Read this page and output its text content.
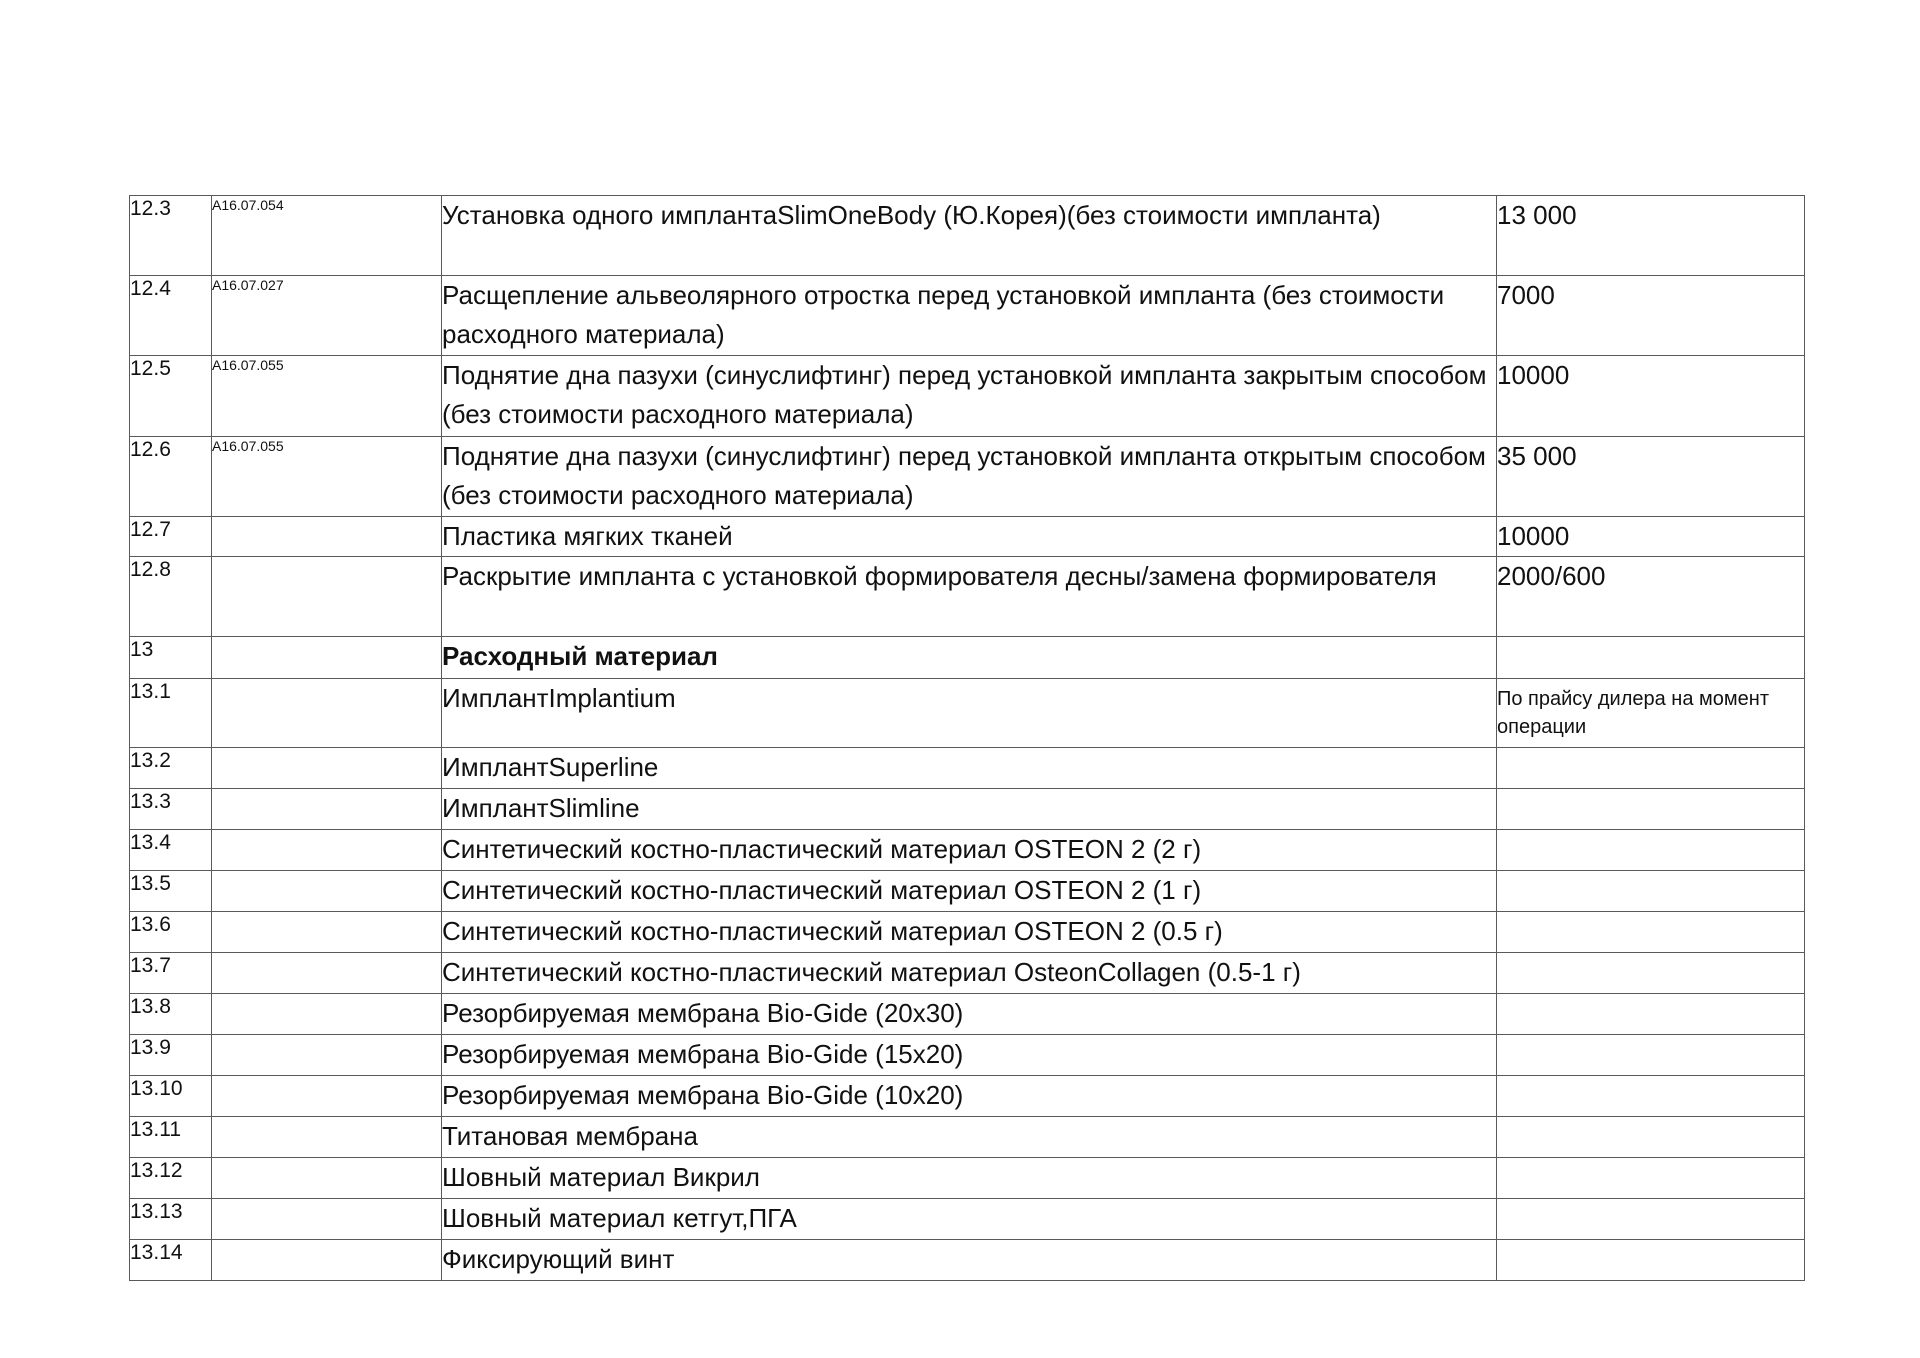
12.3	A16.07.054	Установка одного имплантаSlimOneBody (Ю.Корея)(без стоимости импланта)	13 000
12.4	A16.07.027	Расщепление альвеолярного отростка перед установкой импланта (без стоимости расходного материала)	7000
12.5	A16.07.055	Поднятие дна пазухи (синуслифтинг) перед установкой импланта закрытым способом (без стоимости расходного материала)	10000
12.6	A16.07.055	Поднятие дна пазухи (синуслифтинг) перед установкой импланта открытым способом (без стоимости расходного материала)	35 000
12.7		Пластика мягких тканей	10000
12.8		Раскрытие импланта с установкой формирователя десны/замена формирователя	2000/600
13		Расходный материал	
13.1		ИмплантImplantium	По прайсу дилера на момент операции
13.2		ИмплантSuperline	
13.3		ИмплантSlimline	
13.4		Синтетический костно-пластический материал OSTEON 2 (2 г)	
13.5		Синтетический костно-пластический материал OSTEON 2 (1 г)	
13.6		Синтетический костно-пластический материал OSTEON 2 (0.5 г)	
13.7		Синтетический костно-пластический материал OsteonCollagen (0.5-1 г)	
13.8		Резорбируемая мембрана Bio-Gide (20x30)	
13.9		Резорбируемая мембрана Bio-Gide (15x20)	
13.10		Резорбируемая мембрана Bio-Gide (10x20)	
13.11		Титановая мембрана	
13.12		Шовный материал Викрил	
13.13		Шовный материал кетгут,ПГА	
13.14		Фиксирующий винт	
